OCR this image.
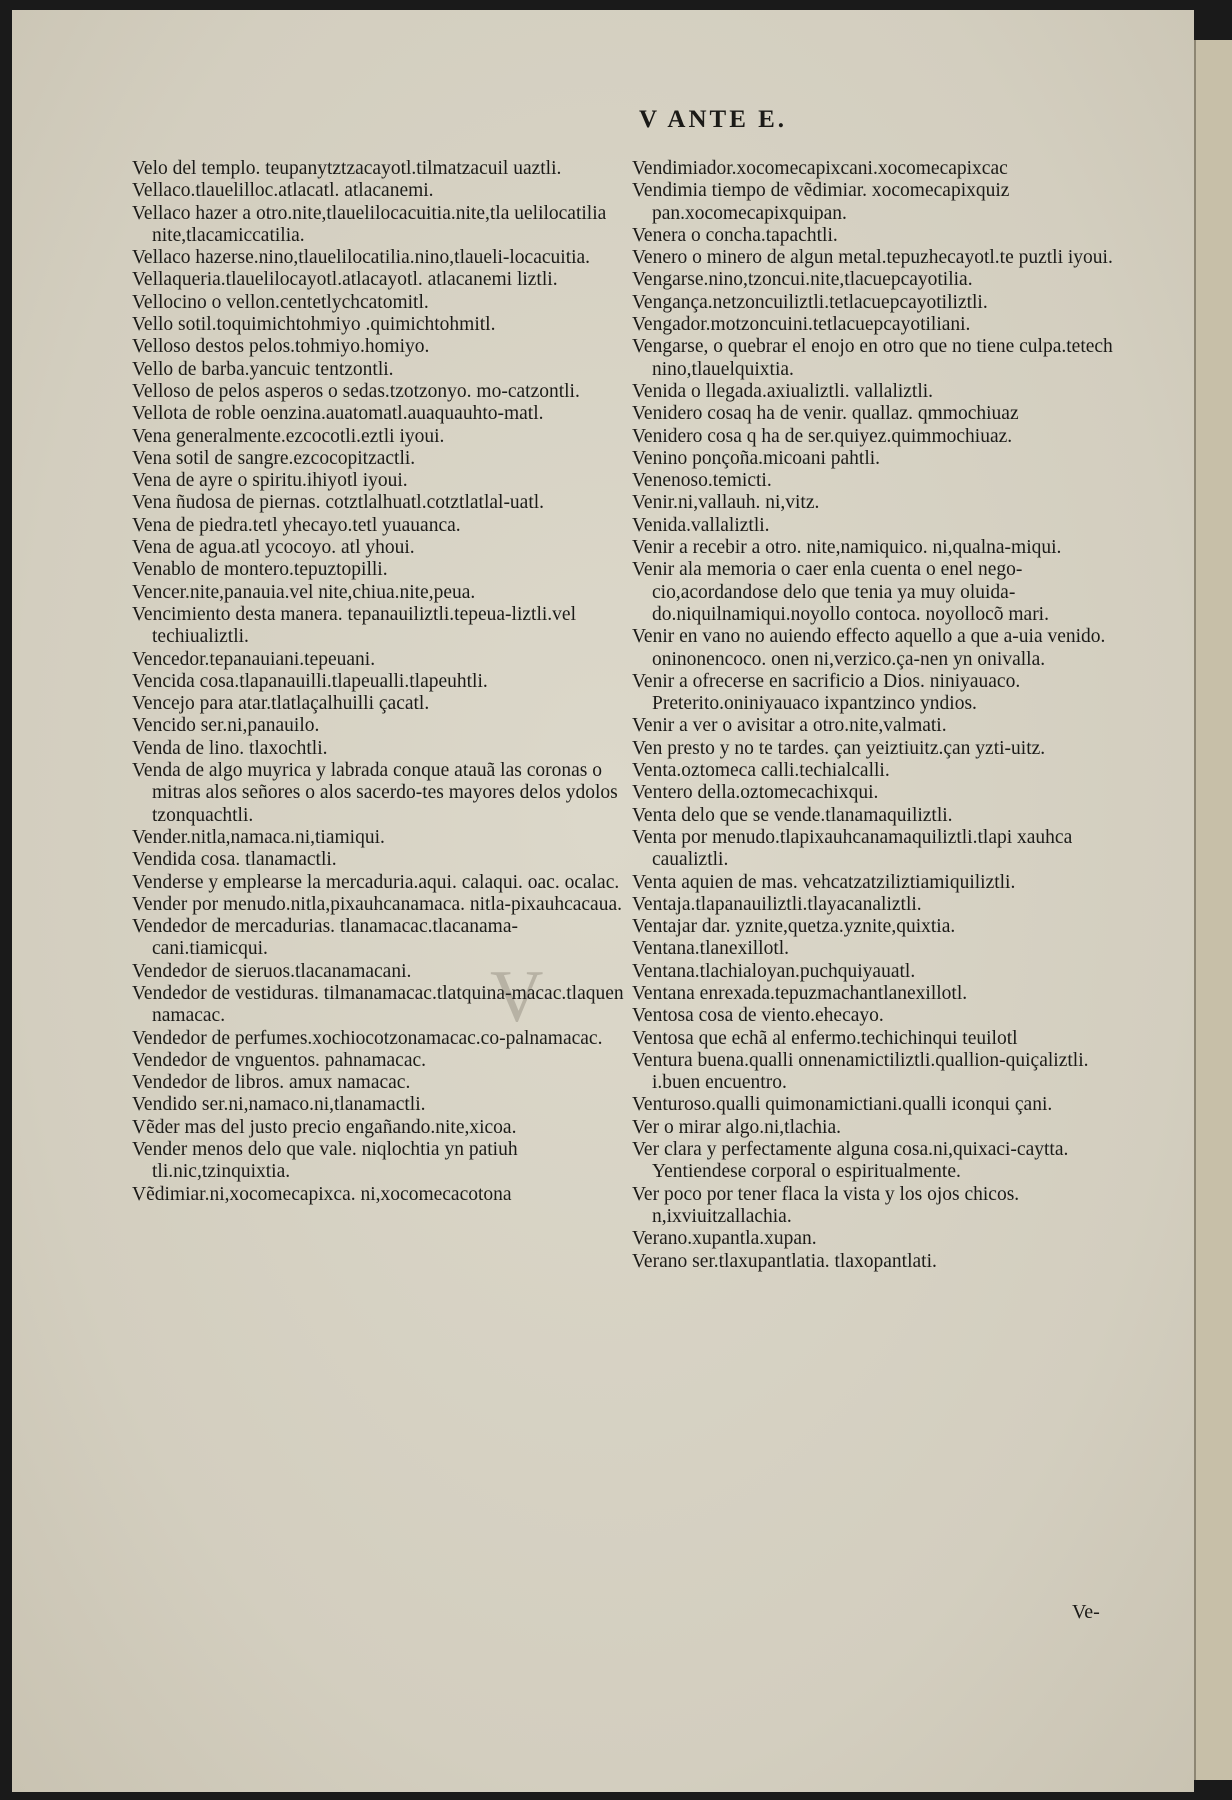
V ANTE E.
V

Velo del templo. teupanytztzacayotl.tilmatzacuil uaztli.

Vellaco.tlauelilloc.atlacatl. atlacanemi.

Vellaco hazer a otro.nite,tlauelilocacuitia.nite,tla uelilocatilia nite,tlacamiccatilia.

Vellaco hazerse.nino,tlauelilocatilia.nino,tlaueli-locacuitia.

Vellaqueria.tlauelilocayotl.atlacayotl. atlacanemi liztli.

Vellocino o vellon.centetlychcatomitl.

Vello sotil.toquimichtohmiyo .quimichtohmitl.

Velloso destos pelos.tohmiyo.homiyo.

Vello de barba.yancuic tentzontli.

Velloso de pelos asperos o sedas.tzotzonyo. mo-catzontli.

Vellota de roble oenzina.auatomatl.auaquauhto-matl.

Vena generalmente.ezcocotli.eztli iyoui.

Vena sotil de sangre.ezcocopitzactli.

Vena de ayre o spiritu.ihiyotl iyoui.

Vena ñudosa de piernas. cotztlalhuatl.cotztlatlal-uatl.

Vena de piedra.tetl yhecayo.tetl yuauanca.

Vena de agua.atl ycocoyo. atl yhoui.

Venablo de montero.tepuztopilli.

Vencer.nite,panauia.vel nite,chiua.nite,peua.

Vencimiento desta manera. tepanauiliztli.tepeua-liztli.vel techiualiztli.

Vencedor.tepanauiani.tepeuani.

Vencida cosa.tlapanauilli.tlapeualli.tlapeuhtli.

Vencejo para atar.tlatlaçalhuilli çacatl.

Vencido ser.ni,panauilo.

Venda de lino. tlaxochtli.

Venda de algo muyrica y labrada conque atauã las coronas o mitras alos señores o alos sacerdo-tes mayores delos ydolos tzonquachtli.

Vender.nitla,namaca.ni,tiamiqui.

Vendida cosa. tlanamactli.

Venderse y emplearse la mercaduria.aqui. calaqui. oac. ocalac.

Vender por menudo.nitla,pixauhcanamaca. nitla-pixauhcacaua.

Vendedor de mercadurias. tlanamacac.tlacanama-cani.tiamicqui.

Vendedor de sieruos.tlacanamacani.

Vendedor de vestiduras. tilmanamacac.tlatquina-macac.tlaquen namacac.

Vendedor de perfumes.xochiocotzonamacac.co-palnamacac.

Vendedor de vnguentos. pahnamacac.

Vendedor de libros. amux namacac.

Vendido ser.ni,namaco.ni,tlanamactli.

Vẽder mas del justo precio engañando.nite,xicoa.

Vender menos delo que vale. niqlochtia yn patiuh tli.nic,tzinquixtia.

Vẽdimiar.ni,xocomecapixca. ni,xocomecacotona

Vendimiador.xocomecapixcani.xocomecapixcac

Vendimia tiempo de vẽdimiar. xocomecapixquiz pan.xocomecapixquipan.

Venera o concha.tapachtli.

Venero o minero de algun metal.tepuzhecayotl.te puztli iyoui.

Vengarse.nino,tzoncui.nite,tlacuepcayotilia.

Vengança.netzoncuiliztli.tetlacuepcayotiliztli.

Vengador.motzoncuini.tetlacuepcayotiliani.

Vengarse, o quebrar el enojo en otro que no tiene culpa.tetech nino,tlauelquixtia.

Venida o llegada.axiualiztli. vallaliztli.

Venidero cosaq ha de venir. quallaz. qmmochiuaz

Venidero cosa q ha de ser.quiyez.quimmochiuaz.

Venino ponçoña.micoani pahtli.

Venenoso.temicti.

Venir.ni,vallauh. ni,vitz.

Venida.vallaliztli.

Venir a recebir a otro. nite,namiquico. ni,qualna-miqui.

Venir ala memoria o caer enla cuenta o enel nego-cio,acordandose delo que tenia ya muy oluida-do.niquilnamiqui.noyollo contoca. noyollocõ mari.

Venir en vano no auiendo effecto aquello a que a-uia venido. oninonencoco. onen ni,verzico.ça-nen yn onivalla.

Venir a ofrecerse en sacrificio a Dios. niniyauaco. Preterito.oniniyauaco ixpantzinco yndios.

Venir a ver o avisitar a otro.nite,valmati.

Ven presto y no te tardes. çan yeiztiuitz.çan yzti-uitz.

Venta.oztomeca calli.techialcalli.

Ventero della.oztomecachixqui.

Venta delo que se vende.tlanamaquiliztli.

Venta por menudo.tlapixauhcanamaquiliztli.tlapi xauhca caualiztli.

Venta aquien de mas. vehcatzatziliztiamiquiliztli.

Ventaja.tlapanauiliztli.tlayacanaliztli.

Ventajar dar. yznite,quetza.yznite,quixtia.

Ventana.tlanexillotl.

Ventana.tlachialoyan.puchquiyauatl.

Ventana enrexada.tepuzmachantlanexillotl.

Ventosa cosa de viento.ehecayo.

Ventosa que echã al enfermo.techichinqui teuilotl

Ventura buena.qualli onnenamictiliztli.quallion-quiçaliztli. i.buen encuentro.

Venturoso.qualli quimonamictiani.qualli iconqui çani.

Ver o mirar algo.ni,tlachia.

Ver clara y perfectamente alguna cosa.ni,quixaci-caytta. Yentiendese corporal o espiritualmente.

Ver poco por tener flaca la vista y los ojos chicos. n,ixviuitzallachia.

Verano.xupantla.xupan.

Verano ser.tlaxupantlatia. tlaxopantlati.

Ve-
